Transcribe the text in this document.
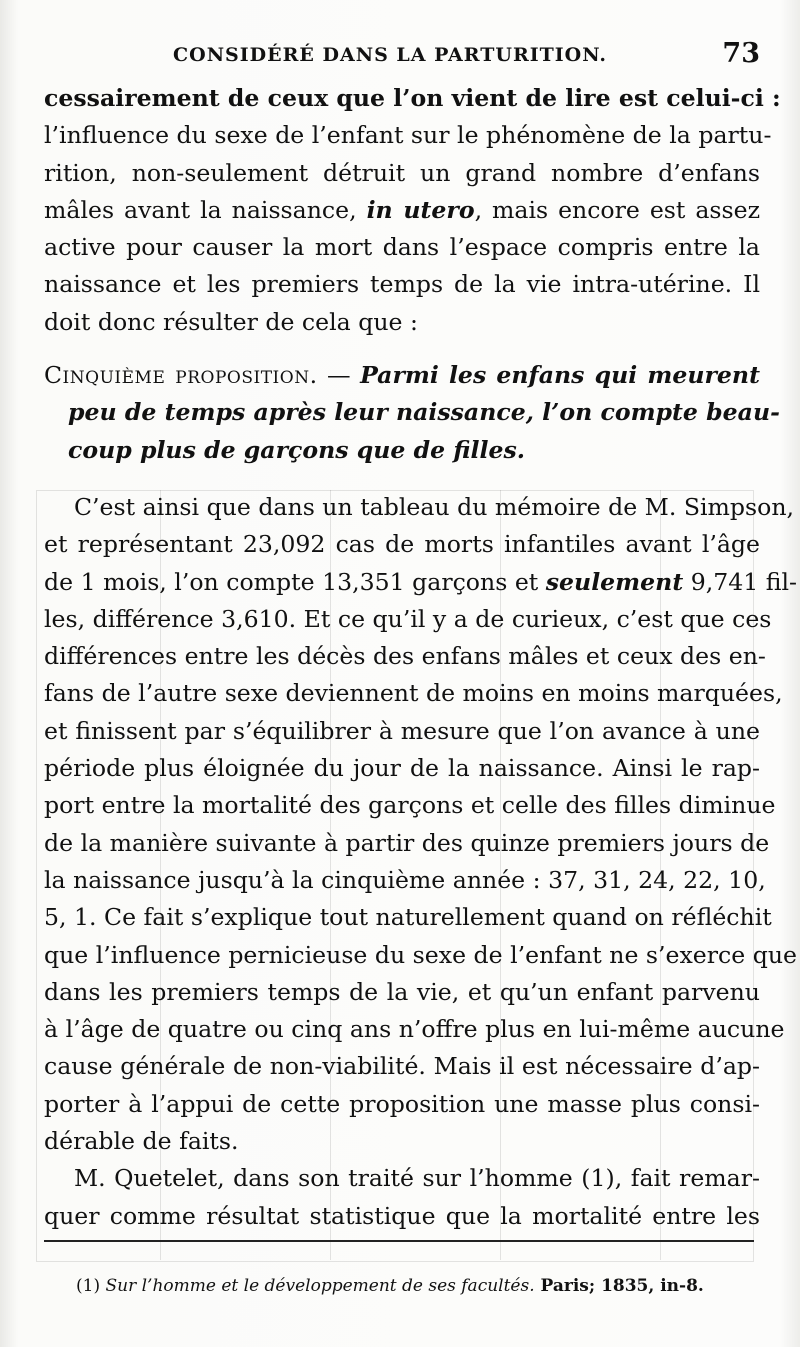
CONSIDÉRÉ DANS LA PARTURITION.	73
cessairement de ceux que l’on vient de lire est celui-ci :
l’influence du sexe de l’enfant sur le phénomène de la partu-
rition, non-seulement détruit un grand nombre d’enfans
mâles avant la naissance, in utero, mais encore est assez
active pour causer la mort dans l’espace compris entre la
naissance et les premiers temps de la vie intra-utérine. Il
doit donc résulter de cela que :
Cinquième proposition. — Parmi les enfans qui meurent
peu de temps après leur naissance, l’on compte beau-
coup plus de garçons que de filles.
C’est ainsi que dans un tableau du mémoire de M. Simpson,
et représentant 23,092 cas de morts infantiles avant l’âge
de 1 mois, l’on compte 13,351 garçons et seulement 9,741 fil-
les, différence 3,610. Et ce qu’il y a de curieux, c’est que ces
différences entre les décès des enfans mâles et ceux des en-
fans de l’autre sexe deviennent de moins en moins marquées,
et finissent par s’équilibrer à mesure que l’on avance à une
période plus éloignée du jour de la naissance. Ainsi le rap-
port entre la mortalité des garçons et celle des filles diminue
de la manière suivante à partir des quinze premiers jours de
la naissance jusqu’à la cinquième année : 37, 31, 24, 22, 10,
5, 1. Ce fait s’explique tout naturellement quand on réfléchit
que l’influence pernicieuse du sexe de l’enfant ne s’exerce que
dans les premiers temps de la vie, et qu’un enfant parvenu
à l’âge de quatre ou cinq ans n’offre plus en lui-même aucune
cause générale de non-viabilité. Mais il est nécessaire d’ap-
porter à l’appui de cette proposition une masse plus consi-
dérable de faits.
M. Quetelet, dans son traité sur l’homme (1), fait remar-
quer comme résultat statistique que la mortalité entre les
(1) Sur l’homme et le développement de ses facultés. Paris; 1835, in-8.
